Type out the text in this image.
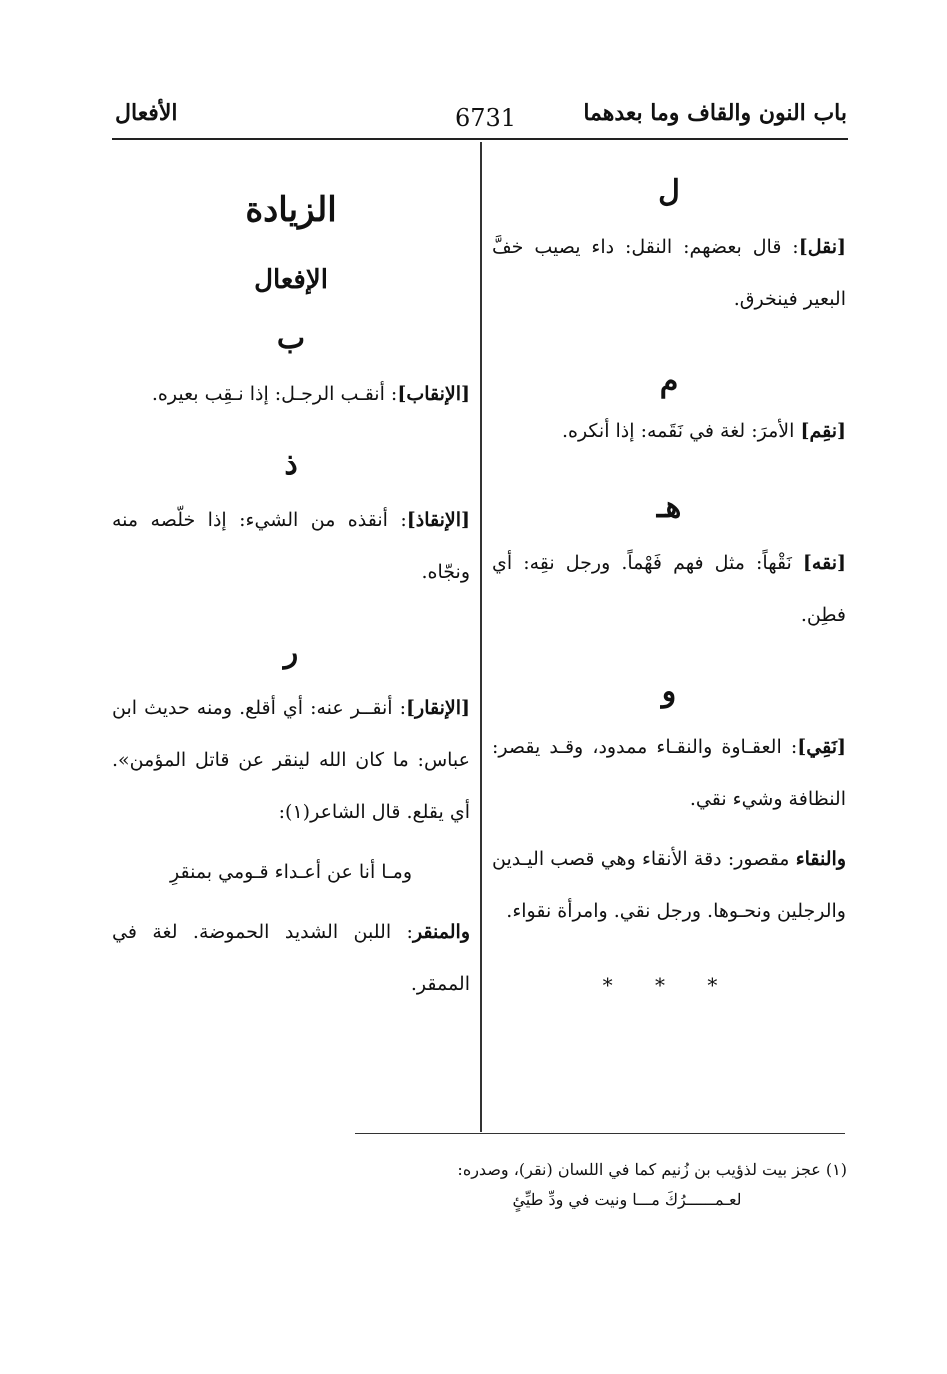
باب النون والقاف وما بعدهما
6731
الأفعال

ل

[نقل]: قال بعضهم: النقل: داء يصيب خفَّ البعير فينخرق.

م

[نقِم] الأمرَ: لغة في نَقَمه: إذا أنكره.

هـ

[نقه] نَقْهاً: مثل فهم فَهْماً. ورجل نقِه: أي فطِن.

و

[نَقِي]: العقـاوة والنقـاء ممدود، وقـد يقصر: النظافة وشيء نقي.

والنقاء مقصور: دقة الأنقاء وهي قصب اليـدين والرجلين ونحـوها. ورجل نقي. وامرأة نقواء.

* * *

الزيادة

الإفعال

ب

[الإنقاب]: أنقـب الرجـل: إذا نـقِب بعيره.

ذ

[الإنقاذ]: أنقذه من الشيء: إذا خلّصه منه ونجّاه.

ر

[الإنقار]: أنقــر عنه: أي أقلع. ومنه حديث ابن عباس: ما كان الله لينقر عن قاتل المؤمن». أي يقلع. قال الشاعر(١):

ومـا أنا عن أعـداء قـومي بمنقرِ

والمنقر: اللبن الشديد الحموضة. لغة في الممقر.

(١) عجز بيت لذؤيب بن زُنيم كما في اللسان (نقر)، وصدره:

لعـمــــــرُكَ مـــا ونيت في ودِّ طيِّئٍ
